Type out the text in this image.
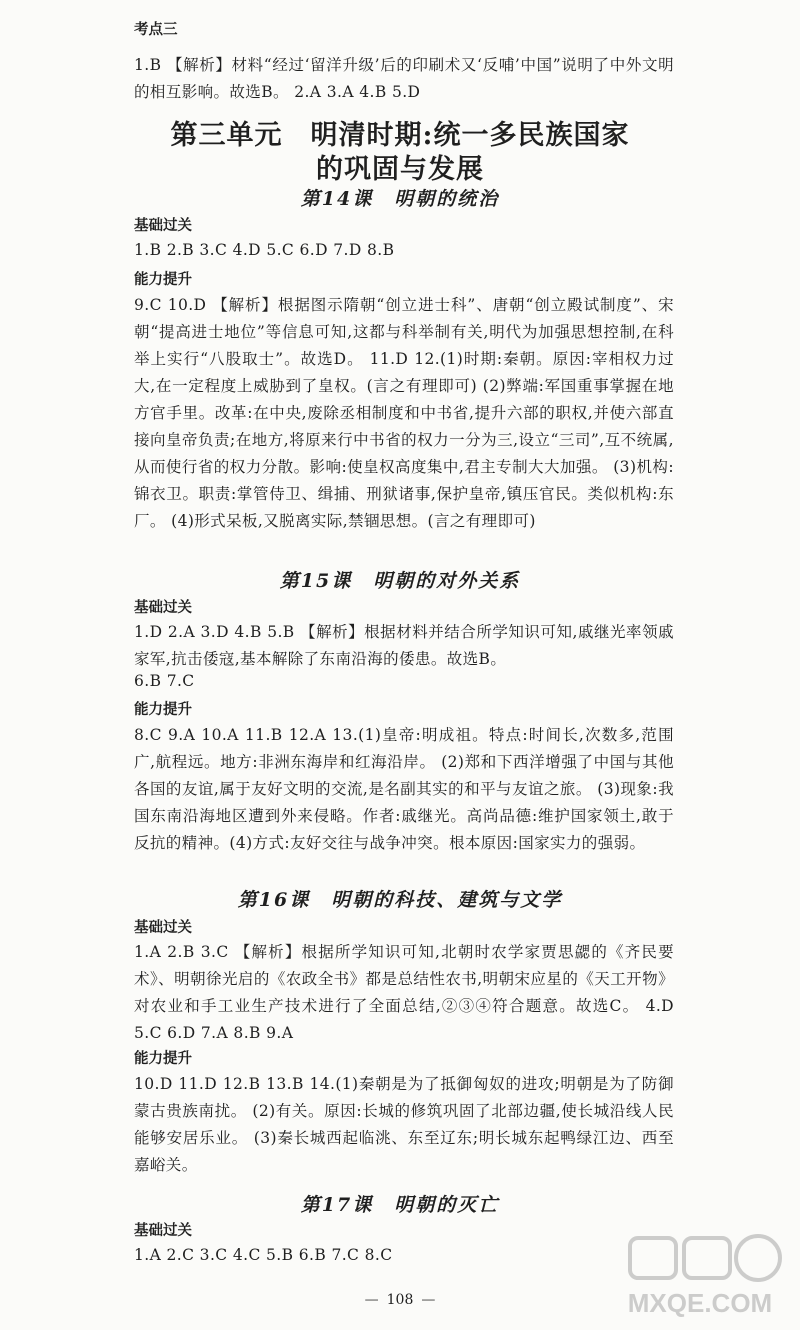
考点三

1.B 【解析】材料“经过‘留洋升级’后的印刷术又‘反哺’中国”说明了中外文明的相互影响。故选B。 2.A 3.A 4.B 5.D

第三单元　明清时期:统一多民族国家

的巩固与发展

第14课　明朝的统治

基础过关

1.B 2.B 3.C 4.D 5.C 6.D 7.D 8.B

能力提升

9.C 10.D 【解析】根据图示隋朝“创立进士科”、唐朝“创立殿试制度”、宋朝“提高进士地位”等信息可知,这都与科举制有关,明代为加强思想控制,在科举上实行“八股取士”。故选D。 11.D 12.(1)时期:秦朝。原因:宰相权力过大,在一定程度上威胁到了皇权。(言之有理即可) (2)弊端:军国重事掌握在地方官手里。改革:在中央,废除丞相制度和中书省,提升六部的职权,并使六部直接向皇帝负责;在地方,将原来行中书省的权力一分为三,设立“三司”,互不统属,从而使行省的权力分散。影响:使皇权高度集中,君主专制大大加强。 (3)机构:锦衣卫。职责:掌管侍卫、缉捕、刑狱诸事,保护皇帝,镇压官民。类似机构:东厂。 (4)形式呆板,又脱离实际,禁锢思想。(言之有理即可)

第15课　明朝的对外关系

基础过关

1.D 2.A 3.D 4.B 5.B 【解析】根据材料并结合所学知识可知,戚继光率领戚家军,抗击倭寇,基本解除了东南沿海的倭患。故选B。

6.B 7.C

能力提升

8.C 9.A 10.A 11.B 12.A 13.(1)皇帝:明成祖。特点:时间长,次数多,范围广,航程远。地方:非洲东海岸和红海沿岸。 (2)郑和下西洋增强了中国与其他各国的友谊,属于友好文明的交流,是名副其实的和平与友谊之旅。 (3)现象:我国东南沿海地区遭到外来侵略。作者:戚继光。高尚品德:维护国家领土,敢于反抗的精神。(4)方式:友好交往与战争冲突。根本原因:国家实力的强弱。

第16课　明朝的科技、建筑与文学

基础过关

1.A 2.B 3.C 【解析】根据所学知识可知,北朝时农学家贾思勰的《齐民要术》、明朝徐光启的《农政全书》都是总结性农书,明朝宋应星的《天工开物》对农业和手工业生产技术进行了全面总结,②③④符合题意。故选C。 4.D 5.C 6.D 7.A 8.B 9.A

能力提升

10.D 11.D 12.B 13.B 14.(1)秦朝是为了抵御匈奴的进攻;明朝是为了防御蒙古贵族南扰。 (2)有关。原因:长城的修筑巩固了北部边疆,使长城沿线人民能够安居乐业。 (3)秦长城西起临洮、东至辽东;明长城东起鸭绿江边、西至嘉峪关。

第17课　明朝的灭亡

基础过关

1.A 2.C 3.C 4.C 5.B 6.B 7.C 8.C

— 108 —	MXQE.COM
